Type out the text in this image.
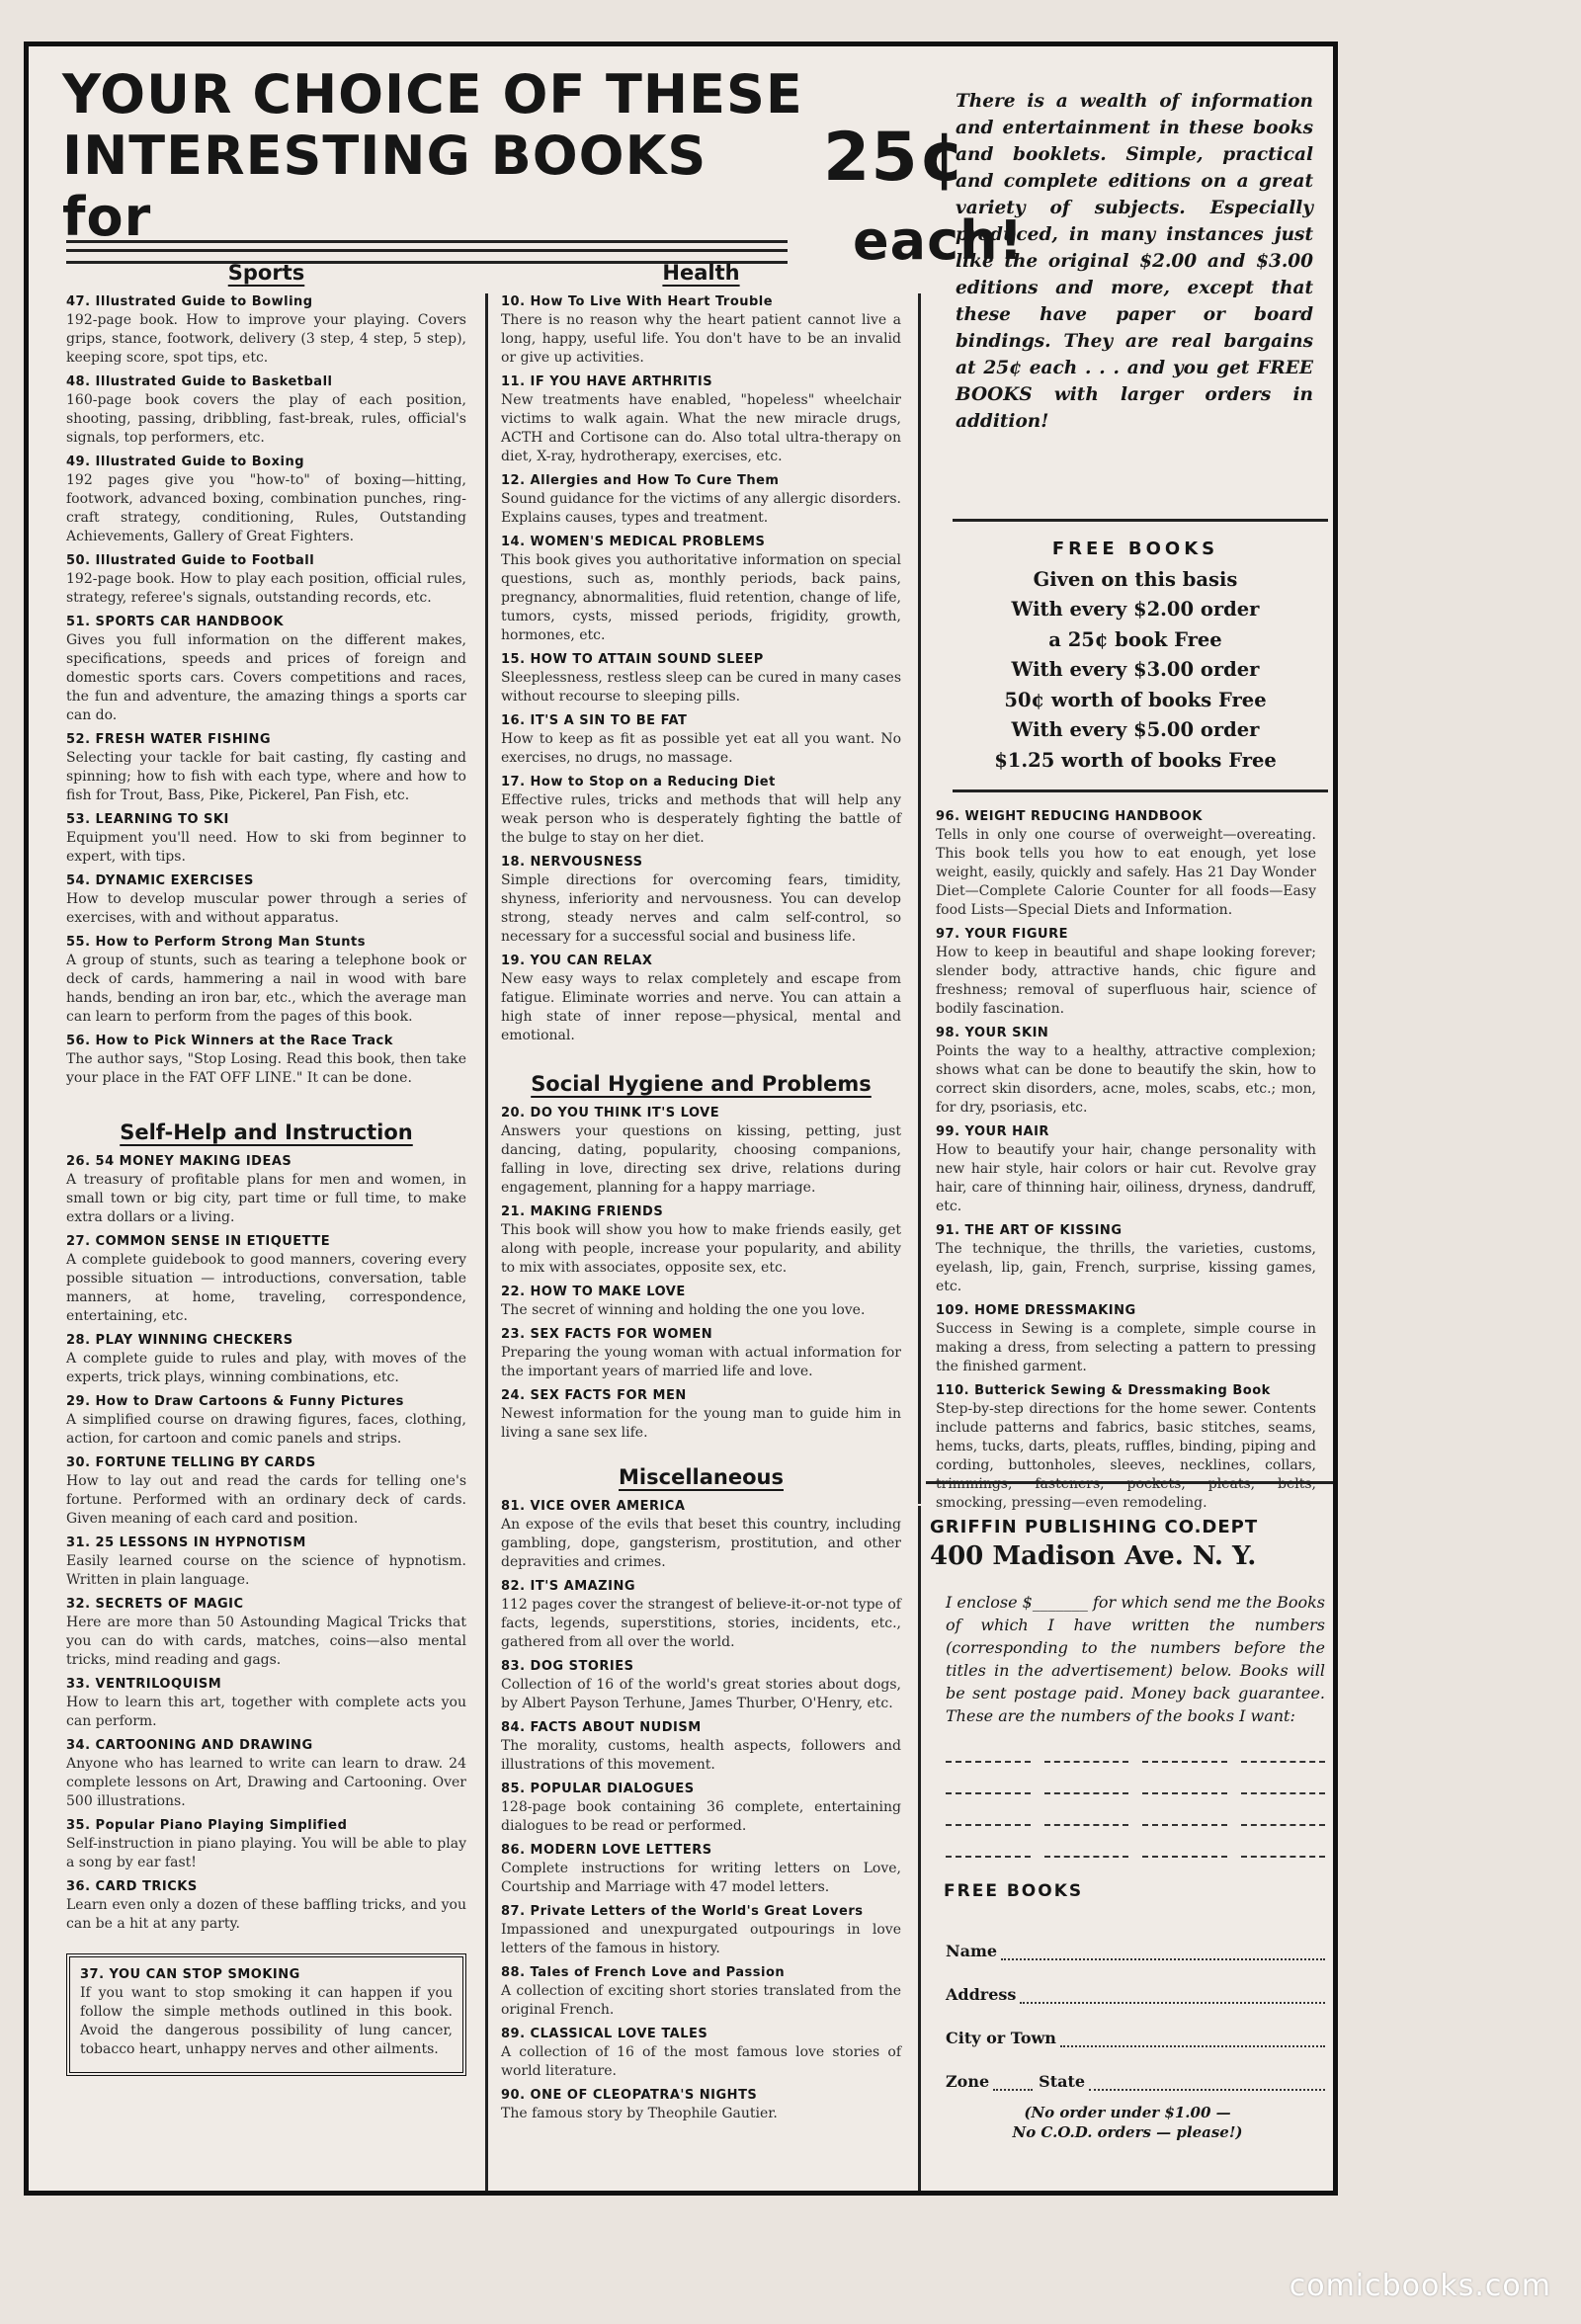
YOUR CHOICE OF THESE
INTERESTING BOOKS for
25¢
each!
There is a wealth of information and entertainment in these books and booklets. Simple, practical and complete editions on a great variety of subjects. Especially produced, in many instances just like the original $2.00 and $3.00 editions and more, except that these have paper or board bindings. They are real bargains at 25¢ each . . . and you get FREE BOOKS with larger orders in addition!
FREE BOOKS
Given on this basis
With every $2.00 order
a 25¢ book Free
With every $3.00 order
50¢ worth of books Free
With every $5.00 order
$1.25 worth of books Free
Sports
47. Illustrated Guide to Bowling
192-page book. How to improve your playing. Covers grips, stance, footwork, delivery (3 step, 4 step, 5 step), keeping score, spot tips, etc.
48. Illustrated Guide to Basketball
160-page book covers the play of each position, shooting, passing, dribbling, fast-break, rules, official's signals, top performers, etc.
49. Illustrated Guide to Boxing
192 pages give you "how-to" of boxing—hitting, footwork, advanced boxing, combination punches, ring-craft strategy, conditioning, Rules, Outstanding Achievements, Gallery of Great Fighters.
50. Illustrated Guide to Football
192-page book. How to play each position, official rules, strategy, referee's signals, outstanding records, etc.
51. SPORTS CAR HANDBOOK
Gives you full information on the different makes, specifications, speeds and prices of foreign and domestic sports cars. Covers competitions and races, the fun and adventure, the amazing things a sports car can do.
52. FRESH WATER FISHING
Selecting your tackle for bait casting, fly casting and spinning; how to fish with each type, where and how to fish for Trout, Bass, Pike, Pickerel, Pan Fish, etc.
53. LEARNING TO SKI
Equipment you'll need. How to ski from beginner to expert, with tips.
54. DYNAMIC EXERCISES
How to develop muscular power through a series of exercises, with and without apparatus.
55. How to Perform Strong Man Stunts
A group of stunts, such as tearing a telephone book or deck of cards, hammering a nail in wood with bare hands, bending an iron bar, etc., which the average man can learn to perform from the pages of this book.
56. How to Pick Winners at the Race Track
The author says, "Stop Losing. Read this book, then take your place in the FAT OFF LINE." It can be done.
Self-Help and Instruction
26. 54 MONEY MAKING IDEAS
A treasury of profitable plans for men and women, in small town or big city, part time or full time, to make extra dollars or a living.
27. COMMON SENSE IN ETIQUETTE
A complete guidebook to good manners, covering every possible situation — introductions, conversation, table manners, at home, traveling, correspondence, entertaining, etc.
28. PLAY WINNING CHECKERS
A complete guide to rules and play, with moves of the experts, trick plays, winning combinations, etc.
29. How to Draw Cartoons & Funny Pictures
A simplified course on drawing figures, faces, clothing, action, for cartoon and comic panels and strips.
30. FORTUNE TELLING BY CARDS
How to lay out and read the cards for telling one's fortune. Performed with an ordinary deck of cards. Given meaning of each card and position.
31. 25 LESSONS IN HYPNOTISM
Easily learned course on the science of hypnotism. Written in plain language.
32. SECRETS OF MAGIC
Here are more than 50 Astounding Magical Tricks that you can do with cards, matches, coins—also mental tricks, mind reading and gags.
33. VENTRILOQUISM
How to learn this art, together with complete acts you can perform.
34. CARTOONING AND DRAWING
Anyone who has learned to write can learn to draw. 24 complete lessons on Art, Drawing and Cartooning. Over 500 illustrations.
35. Popular Piano Playing Simplified
Self-instruction in piano playing. You will be able to play a song by ear fast!
36. CARD TRICKS
Learn even only a dozen of these baffling tricks, and you can be a hit at any party.
37. YOU CAN STOP SMOKING
If you want to stop smoking it can happen if you follow the simple methods outlined in this book. Avoid the dangerous possibility of lung cancer, tobacco heart, unhappy nerves and other ailments.
Health
10. How To Live With Heart Trouble
There is no reason why the heart patient cannot live a long, happy, useful life. You don't have to be an invalid or give up activities.
11. IF YOU HAVE ARTHRITIS
New treatments have enabled, "hopeless" wheelchair victims to walk again. What the new miracle drugs, ACTH and Cortisone can do. Also total ultra-therapy on diet, X-ray, hydrotherapy, exercises, etc.
12. Allergies and How To Cure Them
Sound guidance for the victims of any allergic disorders. Explains causes, types and treatment.
14. WOMEN'S MEDICAL PROBLEMS
This book gives you authoritative information on special questions, such as, monthly periods, back pains, pregnancy, abnormalities, fluid retention, change of life, tumors, cysts, missed periods, frigidity, growth, hormones, etc.
15. HOW TO ATTAIN SOUND SLEEP
Sleeplessness, restless sleep can be cured in many cases without recourse to sleeping pills.
16. IT'S A SIN TO BE FAT
How to keep as fit as possible yet eat all you want. No exercises, no drugs, no massage.
17. How to Stop on a Reducing Diet
Effective rules, tricks and methods that will help any weak person who is desperately fighting the battle of the bulge to stay on her diet.
18. NERVOUSNESS
Simple directions for overcoming fears, timidity, shyness, inferiority and nervousness. You can develop strong, steady nerves and calm self-control, so necessary for a successful social and business life.
19. YOU CAN RELAX
New easy ways to relax completely and escape from fatigue. Eliminate worries and nerve. You can attain a high state of inner repose—physical, mental and emotional.
Social Hygiene and Problems
20. DO YOU THINK IT'S LOVE
Answers your questions on kissing, petting, just dancing, dating, popularity, choosing companions, falling in love, directing sex drive, relations during engagement, planning for a happy marriage.
21. MAKING FRIENDS
This book will show you how to make friends easily, get along with people, increase your popularity, and ability to mix with associates, opposite sex, etc.
22. HOW TO MAKE LOVE
The secret of winning and holding the one you love.
23. SEX FACTS FOR WOMEN
Preparing the young woman with actual information for the important years of married life and love.
24. SEX FACTS FOR MEN
Newest information for the young man to guide him in living a sane sex life.
Miscellaneous
81. VICE OVER AMERICA
An expose of the evils that beset this country, including gambling, dope, gangsterism, prostitution, and other depravities and crimes.
82. IT'S AMAZING
112 pages cover the strangest of believe-it-or-not type of facts, legends, superstitions, stories, incidents, etc., gathered from all over the world.
83. DOG STORIES
Collection of 16 of the world's great stories about dogs, by Albert Payson Terhune, James Thurber, O'Henry, etc.
84. FACTS ABOUT NUDISM
The morality, customs, health aspects, followers and illustrations of this movement.
85. POPULAR DIALOGUES
128-page book containing 36 complete, entertaining dialogues to be read or performed.
86. MODERN LOVE LETTERS
Complete instructions for writing letters on Love, Courtship and Marriage with 47 model letters.
87. Private Letters of the World's Great Lovers
Impassioned and unexpurgated outpourings in love letters of the famous in history.
88. Tales of French Love and Passion
A collection of exciting short stories translated from the original French.
89. CLASSICAL LOVE TALES
A collection of 16 of the most famous love stories of world literature.
90. ONE OF CLEOPATRA'S NIGHTS
The famous story by Theophile Gautier.
96. WEIGHT REDUCING HANDBOOK
Tells in only one course of overweight—overeating. This book tells you how to eat enough, yet lose weight, easily, quickly and safely. Has 21 Day Wonder Diet—Complete Calorie Counter for all foods—Easy food Lists—Special Diets and Information.
97. YOUR FIGURE
How to keep in beautiful and shape looking forever; slender body, attractive hands, chic figure and freshness; removal of superfluous hair, science of bodily fascination.
98. YOUR SKIN
Points the way to a healthy, attractive complexion; shows what can be done to beautify the skin, how to correct skin disorders, acne, moles, scabs, etc.; mon, for dry, psoriasis, etc.
99. YOUR HAIR
How to beautify your hair, change personality with new hair style, hair colors or hair cut. Revolve gray hair, care of thinning hair, oiliness, dryness, dandruff, etc.
91. THE ART OF KISSING
The technique, the thrills, the varieties, customs, eyelash, lip, gain, French, surprise, kissing games, etc.
109. HOME DRESSMAKING
Success in Sewing is a complete, simple course in making a dress, from selecting a pattern to pressing the finished garment.
110. Butterick Sewing & Dressmaking Book
Step-by-step directions for the home sewer. Contents include patterns and fabrics, basic stitches, seams, hems, tucks, darts, pleats, ruffles, binding, piping and cording, buttonholes, sleeves, necklines, collars, trimmings, fasteners, pockets, pleats, belts, smocking, pressing—even remodeling.
GRIFFIN PUBLISHING CO.DEPT
400 Madison Ave. N. Y.
I enclose $_______ for which send me the Books of which I have written the numbers (corresponding to the numbers before the titles in the advertisement) below. Books will be sent postage paid. Money back guarantee. These are the numbers of the books I want:
FREE BOOKS
Name
Address
City or Town
Zone	State
(No order under $1.00 —
No C.O.D. orders — please!)
comicbooks.com
